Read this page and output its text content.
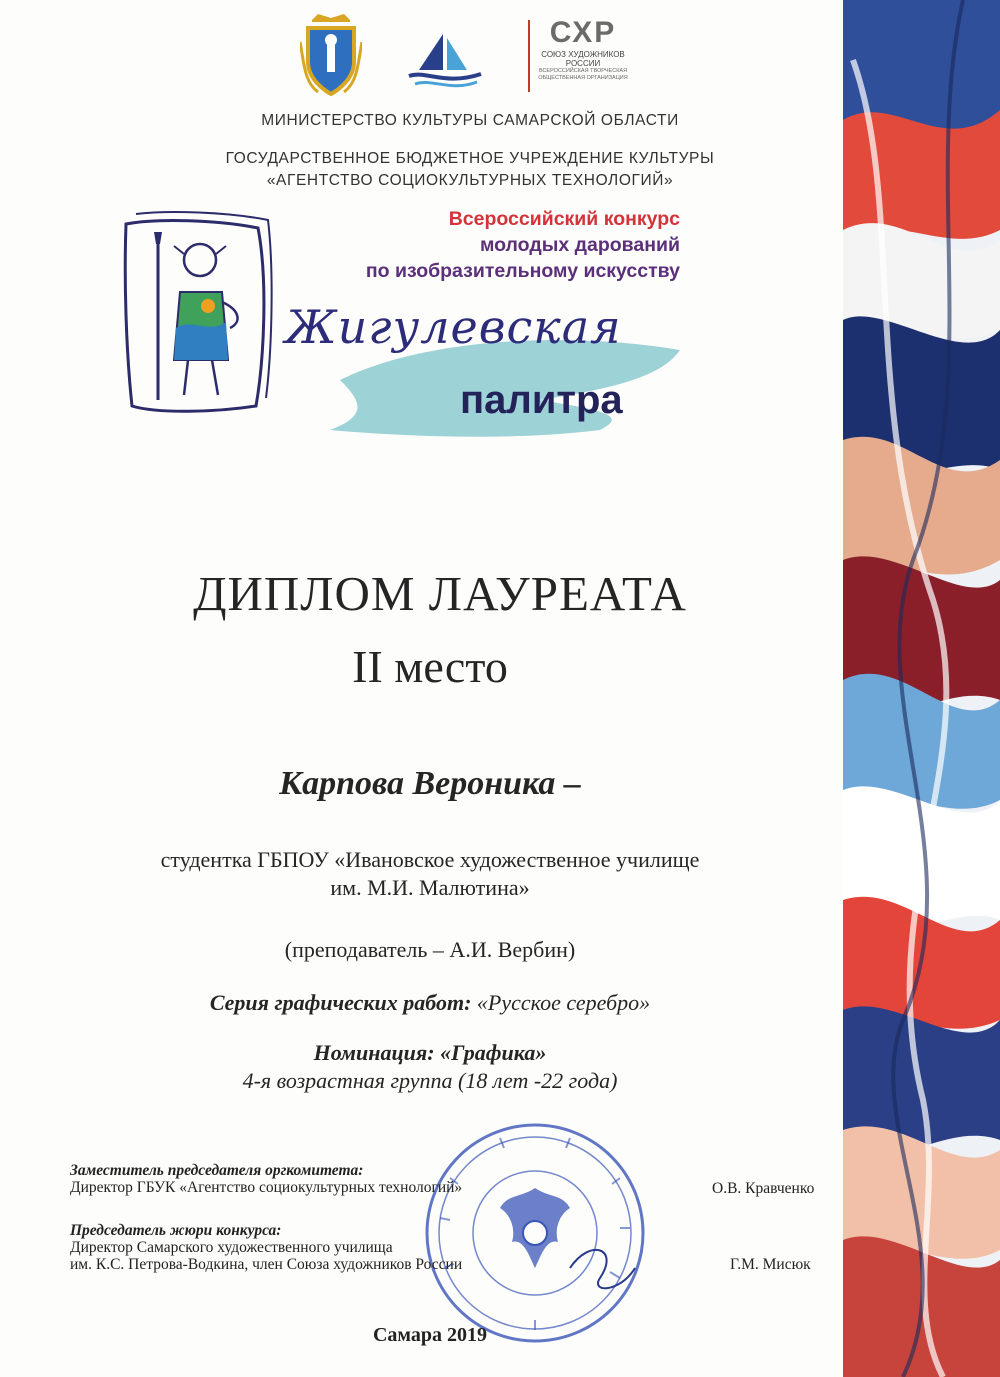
СХР
СОЮЗ ХУДОЖНИКОВ
РОССИИ
ВСЕРОССИЙСКАЯ ТВОРЧЕСКАЯ
ОБЩЕСТВЕННАЯ ОРГАНИЗАЦИЯ
МИНИСТЕРСТВО КУЛЬТУРЫ САМАРСКОЙ ОБЛАСТИ
ГОСУДАРСТВЕННОЕ БЮДЖЕТНОЕ УЧРЕЖДЕНИЕ КУЛЬТУРЫ
«АГЕНТСТВО СОЦИОКУЛЬТУРНЫХ ТЕХНОЛОГИЙ»
Всероссийский конкурс
молодых дарований
по изобразительному искусству
Жигулевская
палитра
ДИПЛОМ ЛАУРЕАТА
II место
Карпова Вероника –
студентка ГБПОУ «Ивановское художественное училище
им. М.И. Малютина»
(преподаватель – А.И. Вербин)
Серия графических работ: «Русское серебро»
Номинация: «Графика»
4-я возрастная группа (18 лет -22 года)
Заместитель председателя оргкомитета:
Директор ГБУК «Агентство социокультурных технологий»	О.В. Кравченко
Председатель жюри конкурса:
Директор Самарского художественного училища
им. К.С. Петрова-Водкина, член Союза художников России	Г.М. Мисюк
Самара 2019
